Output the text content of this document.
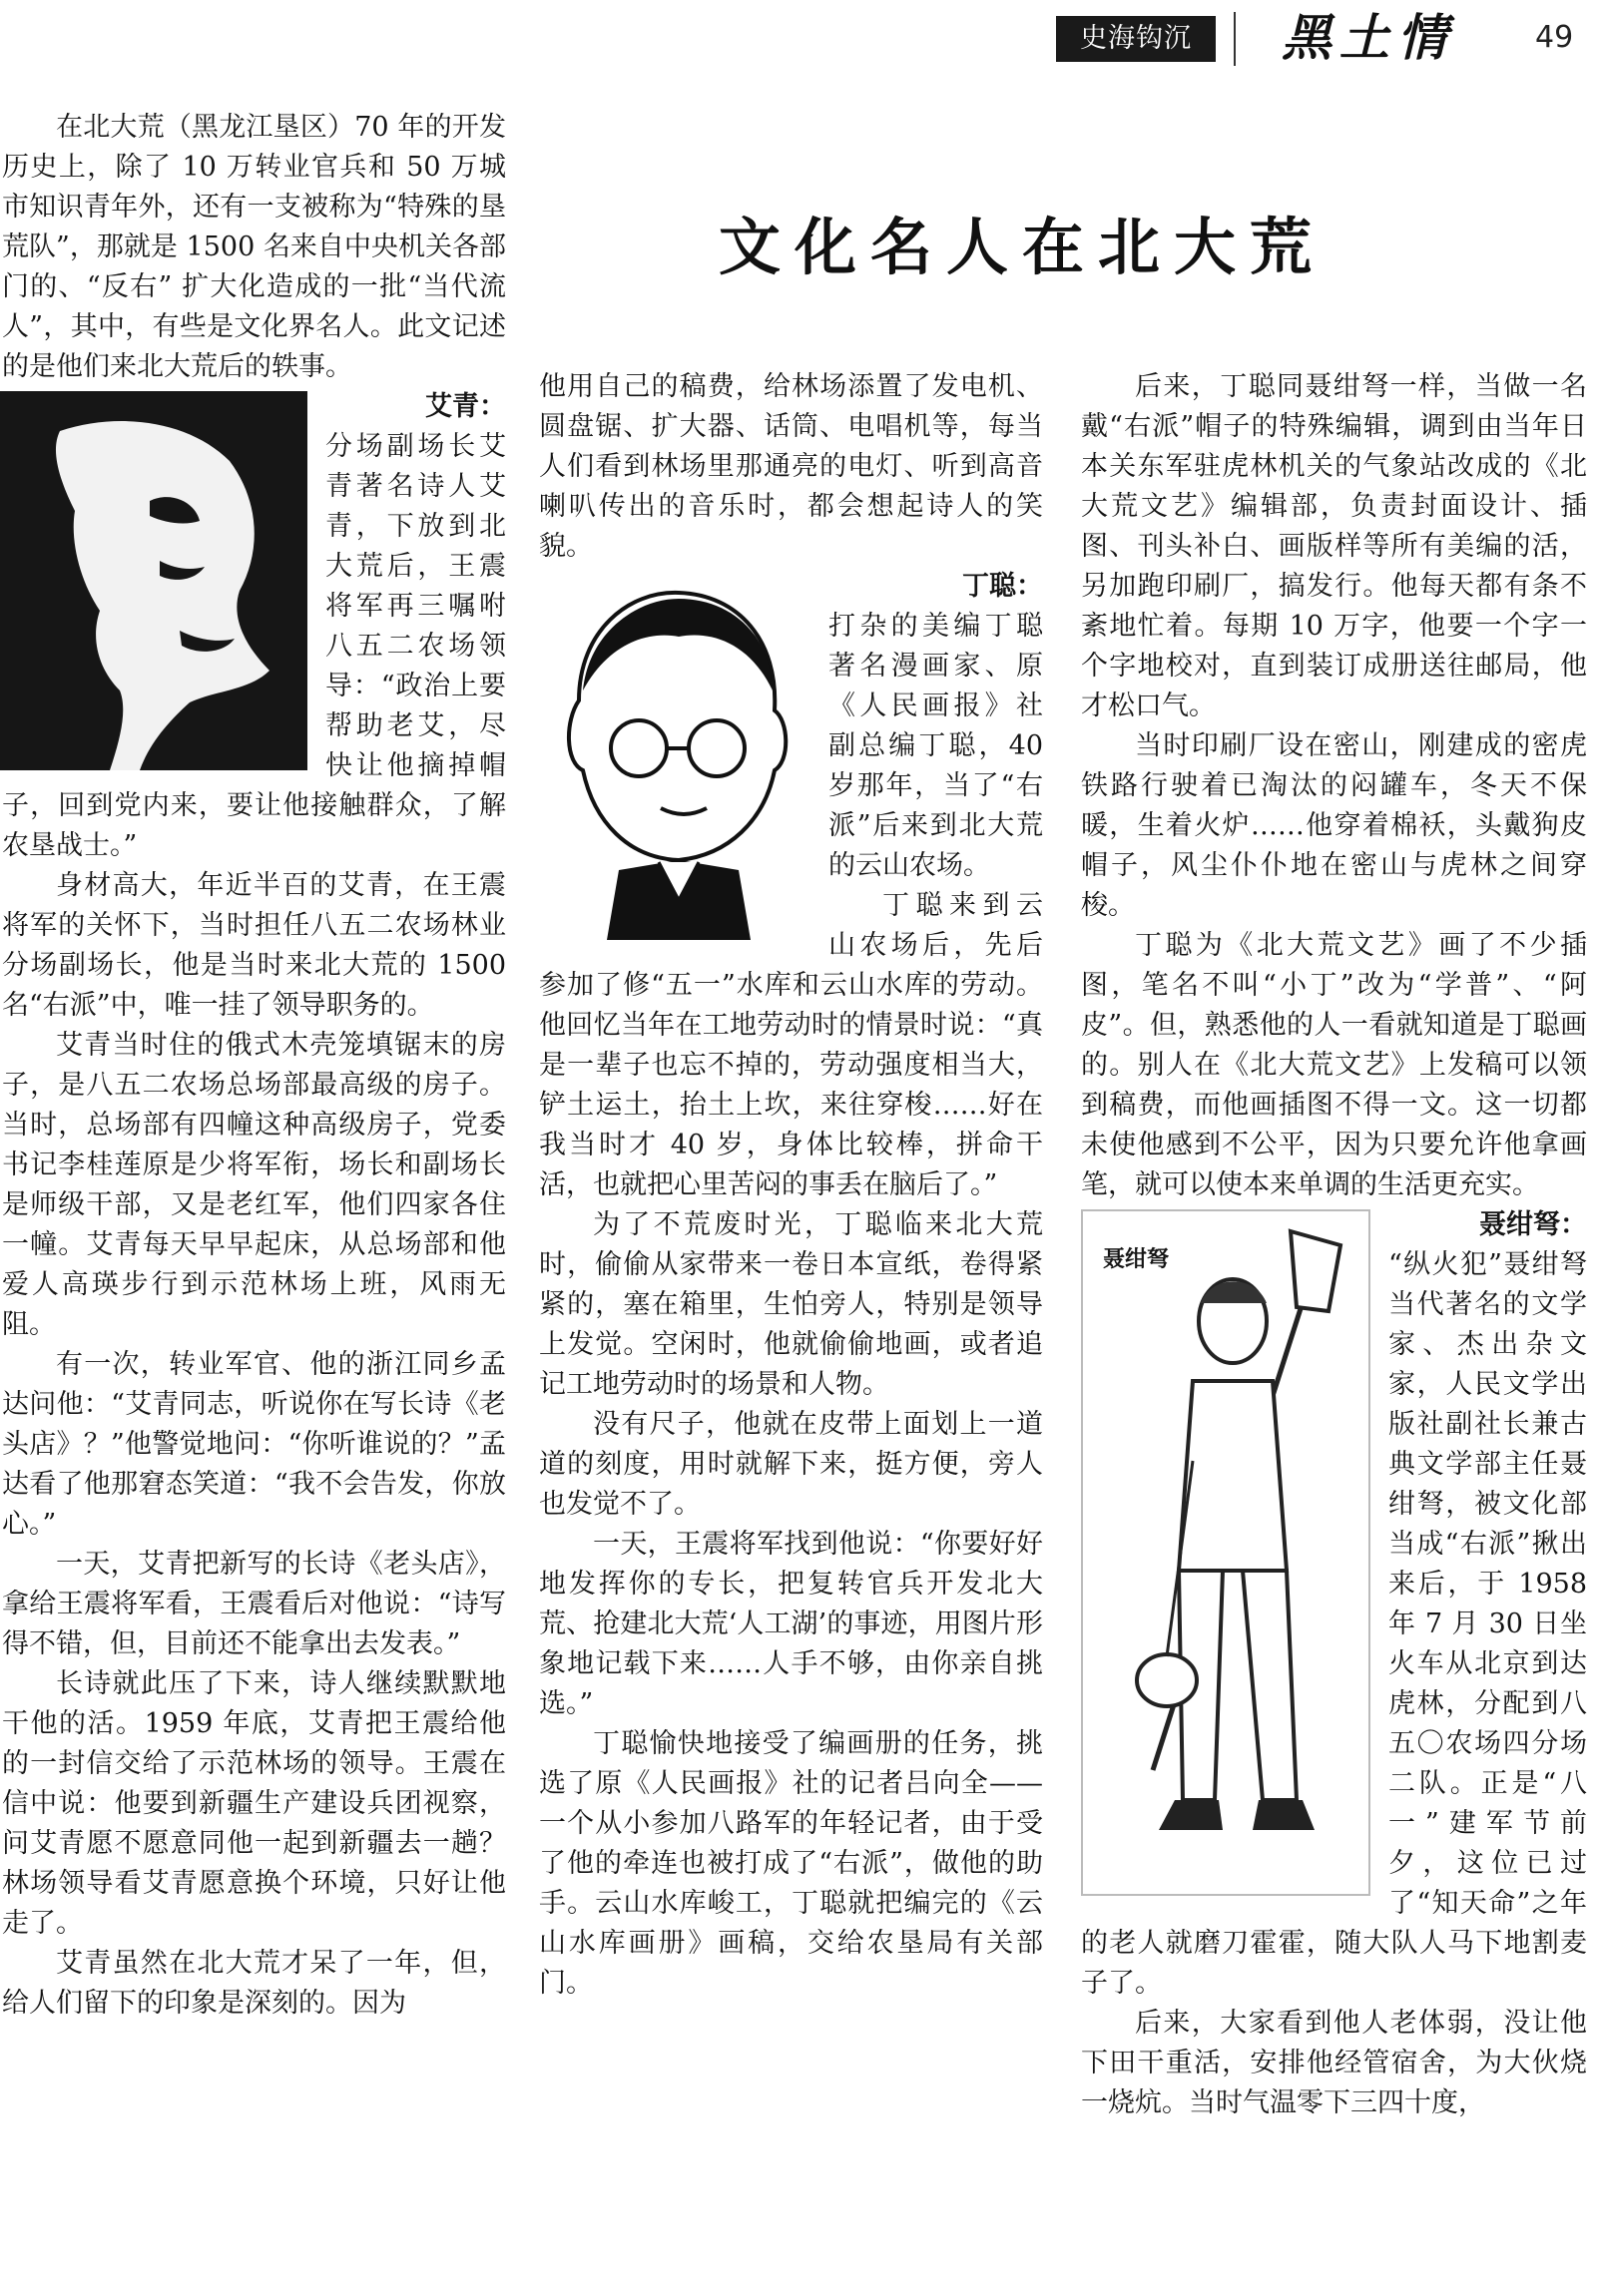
史海钩沉	黑土情	49
文化名人在北大荒

在北大荒（黑龙江垦区）70 年的开发历史上，除了 10 万转业官兵和 50 万城市知识青年外，还有一支被称为“特殊的垦荒队”，那就是 1500 名来自中央机关各部门的、“反右” 扩大化造成的一批“当代流人”，其中，有些是文化界名人。此文记述的是他们来北大荒后的轶事。

艾青：

分场副场长艾青著名诗人艾青，下放到北大荒后，王震将军再三嘱咐八五二农场领导：“政治上要帮助老艾，尽快让他摘掉帽子，回到党内来，要让他接触群众，了解农垦战士。”

身材高大，年近半百的艾青，在王震将军的关怀下，当时担任八五二农场林业分场副场长，他是当时来北大荒的 1500 名“右派”中，唯一挂了领导职务的。

艾青当时住的俄式木壳笼填锯末的房子，是八五二农场总场部最高级的房子。当时，总场部有四幢这种高级房子，党委书记李桂莲原是少将军衔，场长和副场长是师级干部，又是老红军，他们四家各住一幢。艾青每天早早起床，从总场部和他爱人高瑛步行到示范林场上班，风雨无阻。

有一次，转业军官、他的浙江同乡孟达问他：“艾青同志，听说你在写长诗《老头店》？”他警觉地问：“你听谁说的？”孟达看了他那窘态笑道：“我不会告发，你放心。”

一天，艾青把新写的长诗《老头店》，拿给王震将军看，王震看后对他说：“诗写得不错，但，目前还不能拿出去发表。”

长诗就此压了下来，诗人继续默默地干他的活。1959 年底，艾青把王震给他的一封信交给了示范林场的领导。王震在信中说：他要到新疆生产建设兵团视察，问艾青愿不愿意同他一起到新疆去一趟？林场领导看艾青愿意换个环境，只好让他走了。

艾青虽然在北大荒才呆了一年，但，给人们留下的印象是深刻的。因为

他用自己的稿费，给林场添置了发电机、圆盘锯、扩大器、话筒、电唱机等，每当人们看到林场里那通亮的电灯、听到高音喇叭传出的音乐时，都会想起诗人的笑貌。

丁聪：

打杂的美编丁聪著名漫画家、原《人民画报》社副总编丁聪，40 岁那年，当了“右派”后来到北大荒的云山农场。

丁聪来到云山农场后，先后参加了修“五一”水库和云山水库的劳动。他回忆当年在工地劳动时的情景时说：“真是一辈子也忘不掉的，劳动强度相当大，铲土运土，抬土上坎，来往穿梭……好在我当时才 40 岁，身体比较棒，拼命干活，也就把心里苦闷的事丢在脑后了。”

为了不荒废时光，丁聪临来北大荒时，偷偷从家带来一卷日本宣纸，卷得紧紧的，塞在箱里，生怕旁人，特别是领导上发觉。空闲时，他就偷偷地画，或者追记工地劳动时的场景和人物。

没有尺子，他就在皮带上面划上一道道的刻度，用时就解下来，挺方便，旁人也发觉不了。

一天，王震将军找到他说：“你要好好地发挥你的专长，把复转官兵开发北大荒、抢建北大荒‘人工湖’的事迹，用图片形象地记载下来……人手不够，由你亲自挑选。”

丁聪愉快地接受了编画册的任务，挑选了原《人民画报》社的记者吕向全——一个从小参加八路军的年轻记者，由于受了他的牵连也被打成了“右派”，做他的助手。云山水库峻工，丁聪就把编完的《云山水库画册》画稿，交给农垦局有关部门。

后来，丁聪同聂绀弩一样，当做一名戴“右派”帽子的特殊编辑，调到由当年日本关东军驻虎林机关的气象站改成的《北大荒文艺》编辑部，负责封面设计、插图、刊头补白、画版样等所有美编的活，另加跑印刷厂，搞发行。他每天都有条不紊地忙着。每期 10 万字，他要一个字一个字地校对，直到装订成册送往邮局，他才松口气。

当时印刷厂设在密山，刚建成的密虎铁路行驶着已淘汰的闷罐车，冬天不保暖，生着火炉……他穿着棉袄，头戴狗皮帽子，风尘仆仆地在密山与虎林之间穿梭。

丁聪为《北大荒文艺》画了不少插图，笔名不叫“小丁”改为“学普”、“阿皮”。但，熟悉他的人一看就知道是丁聪画的。别人在《北大荒文艺》上发稿可以领到稿费，而他画插图不得一文。这一切都未使他感到不公平，因为只要允许他拿画笔，就可以使本来单调的生活更充实。

聂绀弩

聂绀弩：

“纵火犯”聂绀弩当代著名的文学家、杰出杂文家，人民文学出版社副社长兼古典文学部主任聂绀弩，被文化部当成“右派”揪出来后，于 1958 年 7 月 30 日坐火车从北京到达虎林，分配到八五〇农场四分场二队。正是“八一”建军节前夕，这位已过了“知天命”之年的老人就磨刀霍霍，随大队人马下地割麦子了。

后来，大家看到他人老体弱，没让他下田干重活，安排他经管宿舍，为大伙烧一烧炕。当时气温零下三四十度，
